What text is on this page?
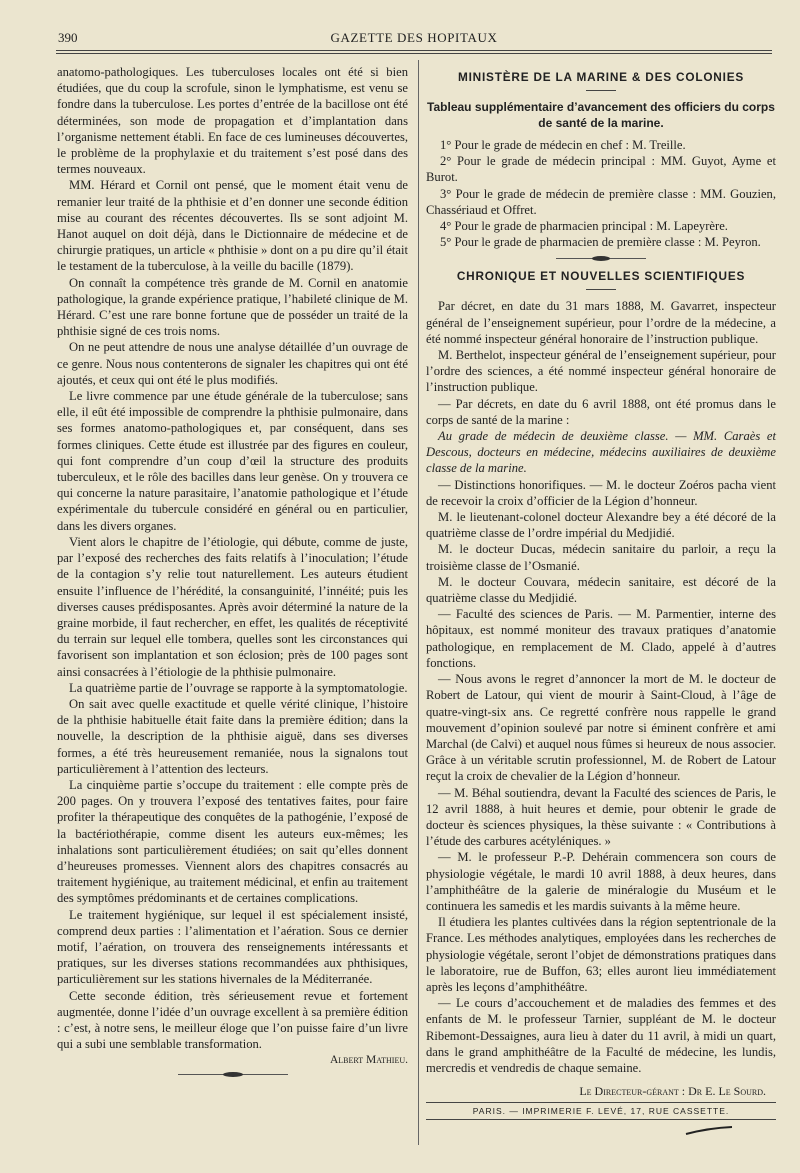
390	GAZETTE DES HOPITAUX

anatomo-pathologiques. Les tuberculoses locales ont été si bien étudiées, que du coup la scrofule, sinon le lymphatisme, est venu se fondre dans la tuberculose. Les portes d’entrée de la bacillose ont été déterminées, son mode de propagation et d’implantation dans l’organisme nettement établi. En face de ces lumineuses découvertes, le problème de la prophylaxie et du traitement s’est posé dans des termes nouveaux.

MM. Hérard et Cornil ont pensé, que le moment était venu de remanier leur traité de la phthisie et d’en donner une seconde édition mise au courant des récentes découvertes. Ils se sont adjoint M. Hanot auquel on doit déjà, dans le Dictionnaire de médecine et de chirurgie pratiques, un article « phthisie » dont on a pu dire qu’il était le testament de la tuberculose, à la veille du bacille (1879).

On connaît la compétence très grande de M. Cornil en anatomie pathologique, la grande expérience pratique, l’habileté clinique de M. Hérard. C’est une rare bonne fortune que de posséder un traité de la phthisie signé de ces trois noms.

On ne peut attendre de nous une analyse détaillée d’un ouvrage de ce genre. Nous nous contenterons de signaler les chapitres qui ont été ajoutés, et ceux qui ont été le plus modifiés.

Le livre commence par une étude générale de la tuberculose; sans elle, il eût été impossible de comprendre la phthisie pulmonaire, dans ses formes anatomo-pathologiques et, par conséquent, dans ses formes cliniques. Cette étude est illustrée par des figures en couleur, qui font comprendre d’un coup d’œil la structure des produits tuberculeux, et le rôle des bacilles dans leur genèse. On y trouvera ce qui concerne la nature parasitaire, l’anatomie pathologique et l’étude expérimentale du tubercule considéré en général ou en particulier, dans les divers organes.

Vient alors le chapitre de l’étiologie, qui débute, comme de juste, par l’exposé des recherches des faits relatifs à l’inoculation; l’étude de la contagion s’y relie tout naturellement. Les auteurs étudient ensuite l’influence de l’hérédité, la consanguinité, l’innéité; puis les diverses causes prédisposantes. Après avoir déterminé la nature de la graine morbide, il faut rechercher, en effet, les qualités de réceptivité du terrain sur lequel elle tombera, quelles sont les circonstances qui favorisent son implantation et son éclosion; près de 100 pages sont ainsi consacrées à l’étiologie de la phthisie pulmonaire.

La quatrième partie de l’ouvrage se rapporte à la symptomatologie.

On sait avec quelle exactitude et quelle vérité clinique, l’histoire de la phthisie habituelle était faite dans la première édition; dans la nouvelle, la description de la phthisie aiguë, dans ses diverses formes, a été très heureusement remaniée, nous la signalons tout particulièrement à l’attention des lecteurs.

La cinquième partie s’occupe du traitement : elle compte près de 200 pages. On y trouvera l’exposé des tentatives faites, pour faire profiter la thérapeutique des conquêtes de la pathogénie, l’exposé de la bactériothérapie, comme disent les auteurs eux-mêmes; les inhalations sont particulièrement étudiées; on sait qu’elles donnent d’heureuses promesses. Viennent alors des chapitres consacrés au traitement hygiénique, au traitement médicinal, et enfin au traitement des symptômes prédominants et de certaines complications.

Le traitement hygiénique, sur lequel il est spécialement insisté, comprend deux parties : l’alimentation et l’aération. Sous ce dernier motif, l’aération, on trouvera des renseignements intéressants et pratiques, sur les diverses stations recommandées aux phthisiques, particulièrement sur les stations hivernales de la Méditerranée.

Cette seconde édition, très sérieusement revue et fortement augmentée, donne l’idée d’un ouvrage excellent à sa première édition : c’est, à notre sens, le meilleur éloge que l’on puisse faire d’un livre qui a subi une semblable transformation.

Albert Mathieu.
MINISTÈRE DE LA MARINE & DES COLONIES
Tableau supplémentaire d’avancement des officiers du corps de santé de la marine.

1° Pour le grade de médecin en chef : M. Treille.

2° Pour le grade de médecin principal : MM. Guyot, Ayme et Burot.

3° Pour le grade de médecin de première classe : MM. Gouzien, Chassériaud et Offret.

4° Pour le grade de pharmacien principal : M. Lapeyrère.

5° Pour le grade de pharmacien de première classe : M. Peyron.

CHRONIQUE ET NOUVELLES SCIENTIFIQUES

Par décret, en date du 31 mars 1888, M. Gavarret, inspecteur général de l’enseignement supérieur, pour l’ordre de la médecine, a été nommé inspecteur général honoraire de l’instruction publique.

M. Berthelot, inspecteur général de l’enseignement supérieur, pour l’ordre des sciences, a été nommé inspecteur général honoraire de l’instruction publique.

— Par décrets, en date du 6 avril 1888, ont été promus dans le corps de santé de la marine :

Au grade de médecin de deuxième classe. — MM. Caraès et Descous, docteurs en médecine, médecins auxiliaires de deuxième classe de la marine.

— Distinctions honorifiques. — M. le docteur Zoéros pacha vient de recevoir la croix d’officier de la Légion d’honneur.

M. le lieutenant-colonel docteur Alexandre bey a été décoré de la quatrième classe de l’ordre impérial du Medjidié.

M. le docteur Ducas, médecin sanitaire du parloir, a reçu la troisième classe de l’Osmanié.

M. le docteur Couvara, médecin sanitaire, est décoré de la quatrième classe du Medjidié.

— Faculté des sciences de Paris. — M. Parmentier, interne des hôpitaux, est nommé moniteur des travaux pratiques d’anatomie pathologique, en remplacement de M. Clado, appelé à d’autres fonctions.

— Nous avons le regret d’annoncer la mort de M. le docteur de Robert de Latour, qui vient de mourir à Saint-Cloud, à l’âge de quatre-vingt-six ans. Ce regretté confrère nous rappelle le grand mouvement d’opinion soulevé par notre si éminent confrère et ami Marchal (de Calvi) et auquel nous fûmes si heureux de nous associer. Grâce à un véritable scrutin professionnel, M. de Robert de Latour reçut la croix de chevalier de la Légion d’honneur.

— M. Béhal soutiendra, devant la Faculté des sciences de Paris, le 12 avril 1888, à huit heures et demie, pour obtenir le grade de docteur ès sciences physiques, la thèse suivante : « Contributions à l’étude des carbures acétyléniques. »

— M. le professeur P.-P. Dehérain commencera son cours de physiologie végétale, le mardi 10 avril 1888, à deux heures, dans l’amphithéâtre de la galerie de minéralogie du Muséum et le continuera les samedis et les mardis suivants à la même heure.

Il étudiera les plantes cultivées dans la région septentrionale de la France. Les méthodes analytiques, employées dans les recherches de physiologie végétale, seront l’objet de démonstrations pratiques dans le laboratoire, rue de Buffon, 63; elles auront lieu immédiatement après les leçons d’amphithéâtre.

— Le cours d’accouchement et de maladies des femmes et des enfants de M. le professeur Tarnier, suppléant de M. le docteur Ribemont-Dessaignes, aura lieu à dater du 11 avril, à midi un quart, dans le grand amphithéâtre de la Faculté de médecine, les lundis, mercredis et vendredis de chaque semaine.

Le Directeur-gérant : Dr E. Le Sourd.
PARIS. — IMPRIMERIE F. LEVÉ, 17, RUE CASSETTE.
